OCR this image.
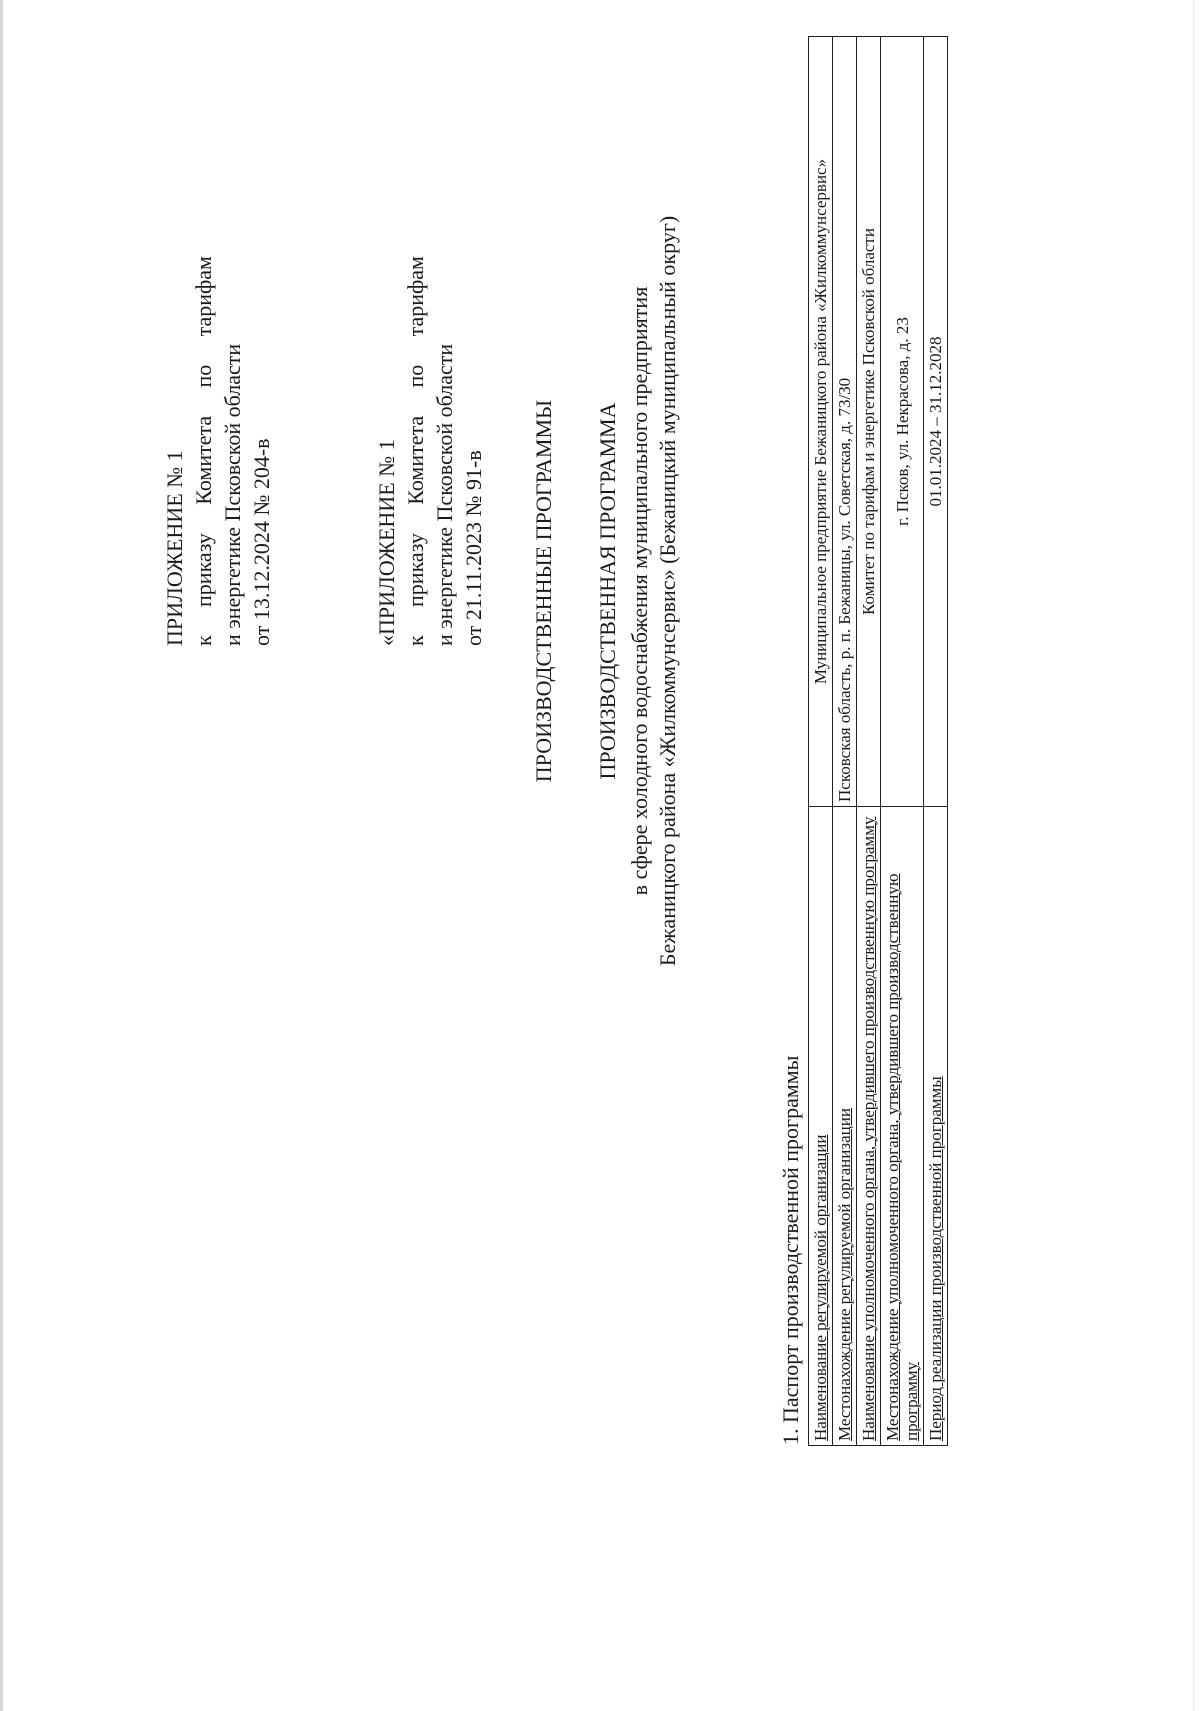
ПРИЛОЖЕНИЕ № 1 к
приказу
Комитета
по
тарифам
и энергетике Псковской области от 13.12.2024 № 204-в	«ПРИЛОЖЕНИЕ № 1 к
приказу
Комитета
по
тарифам
и энергетике Псковской области от 21.11.2023 № 91-в ПРОИЗВОДСТВЕННЫЕ ПРОГРАММЫ ПРОИЗВОДСТВЕННАЯ ПРОГРАММА в сфере холодного водоснабжения муниципального предприятия Бежаницкого района «Жилкоммунсервис» (Бежаницкий муниципальный округ)
1. Паспорт производственной программы Наименование регулируемой организации	Муниципальное предприятие Бежаницкого района «Жилкоммунсервис»
Местонахождение регулируемой организации	Псковская область, р. п. Бежаницы, ул. Советская, д. 73/30
Наименование уполномоченного органа, утвердившего производственную программу	Комитет по тарифам и энергетике Псковской области
Местонахождение уполномоченного органа, утвердившего производственную программу	г. Псков, ул. Некрасова, д. 23
Период реализации производственной программы	01.01.2024 – 31.12.2028
